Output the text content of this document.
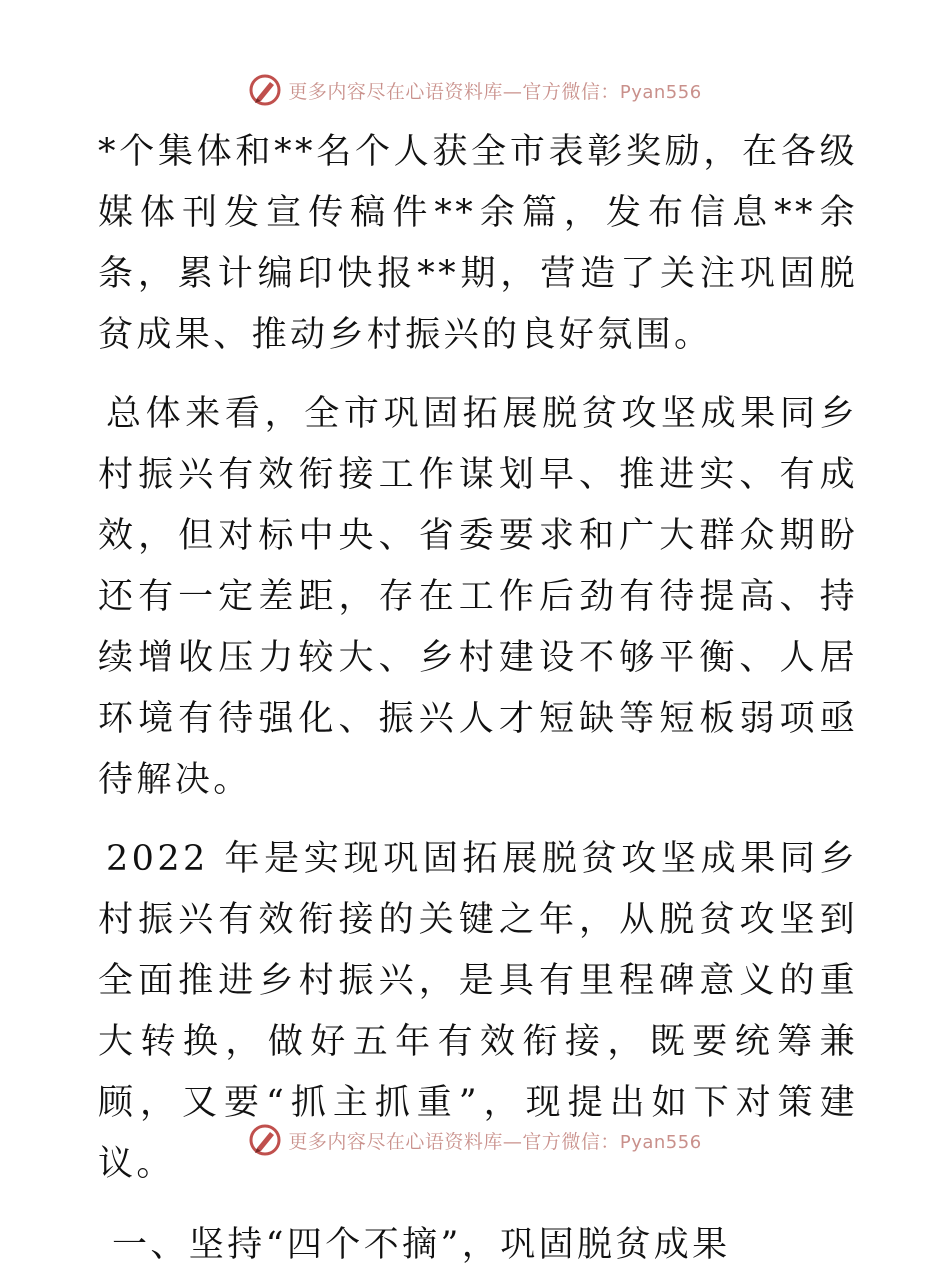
更多内容尽在心语资料库—官方微信：Pyan556

*个集体和**名个人获全市表彰奖励，在各级媒体刊发宣传稿件**余篇，发布信息**余条，累计编印快报**期，营造了关注巩固脱贫成果、推动乡村振兴的良好氛围。

总体来看，全市巩固拓展脱贫攻坚成果同乡村振兴有效衔接工作谋划早、推进实、有成效，但对标中央、省委要求和广大群众期盼还有一定差距，存在工作后劲有待提高、持续增收压力较大、乡村建设不够平衡、人居环境有待强化、振兴人才短缺等短板弱项亟待解决。

2022 年是实现巩固拓展脱贫攻坚成果同乡村振兴有效衔接的关键之年，从脱贫攻坚到全面推进乡村振兴，是具有里程碑意义的重大转换，做好五年有效衔接，既要统筹兼顾，又要“抓主抓重”，现提出如下对策建议。

一、坚持“四个不摘”，巩固脱贫成果

更多内容尽在心语资料库—官方微信：Pyan556
